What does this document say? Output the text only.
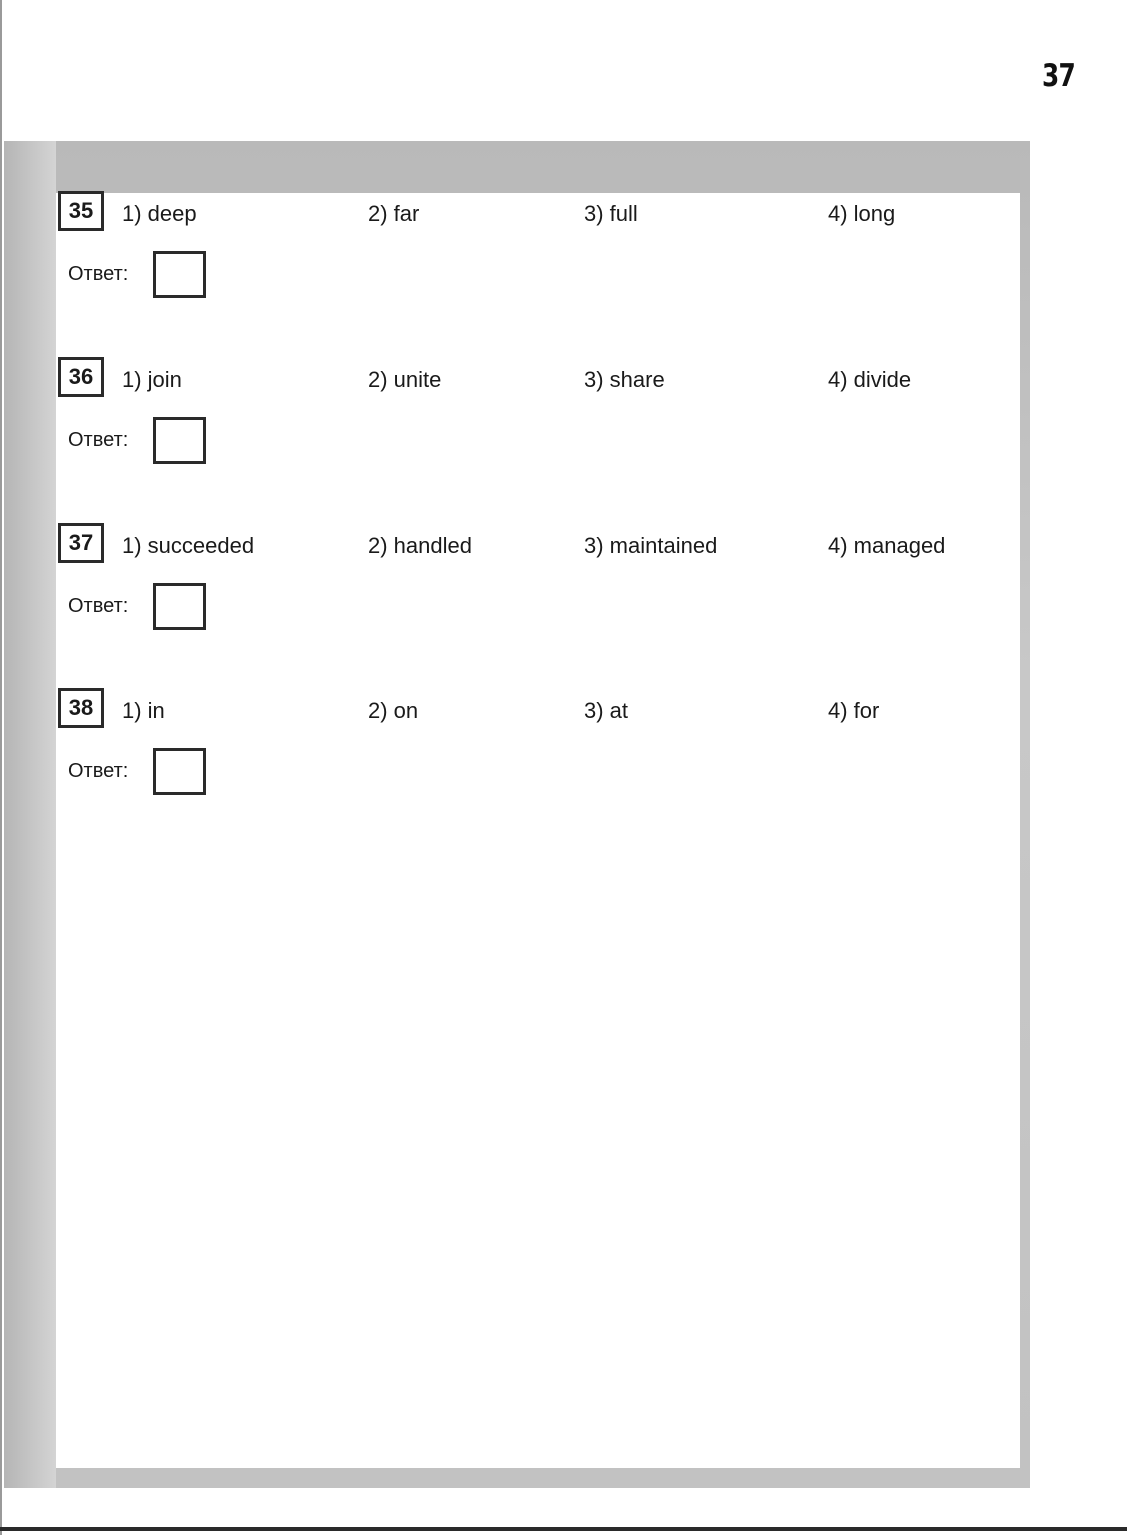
37
35	1) deep	2) far	3) full	4) long
Ответ:
36	1) join	2) unite	3) share	4) divide
Ответ:
37	1) succeeded	2) handled	3) maintained	4) managed
Ответ:
38	1) in	2) on	3) at	4) for
Ответ:
